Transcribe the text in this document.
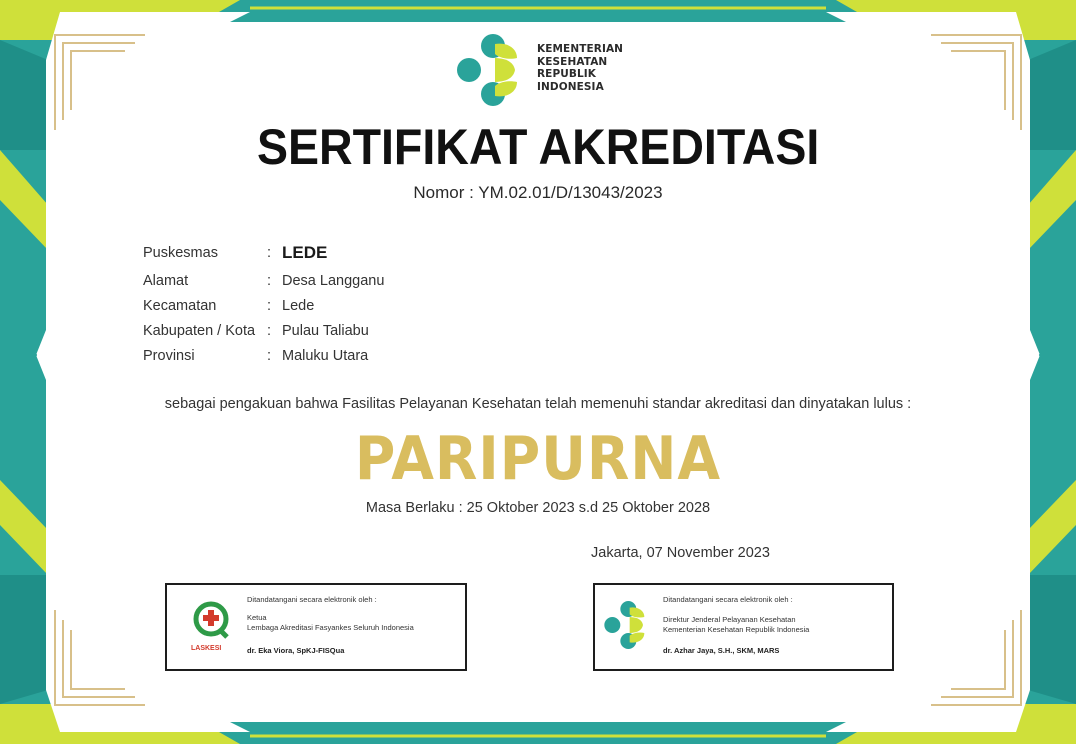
KEMENTERIAN
KESEHATAN
REPUBLIK
INDONESIA
SERTIFIKAT AKREDITASI
Nomor : YM.02.01/D/13043/2023
Puskesmas	: LEDE
Alamat	: Desa Langganu
Kecamatan	: Lede
Kabupaten / Kota : Pulau Taliabu
Provinsi	: Maluku Utara
sebagai pengakuan bahwa Fasilitas Pelayanan Kesehatan telah memenuhi standar akreditasi dan dinyatakan lulus :
PARIPURNA
Masa Berlaku : 25 Oktober 2023 s.d 25 Oktober 2028
Jakarta, 07 November 2023
LASKESI
Ditandatangani secara elektronik oleh :
Ketua
Lembaga Akreditasi Fasyankes Seluruh Indonesia
dr. Eka Viora, SpKJ-FISQua
Ditandatangani secara elektronik oleh :
Direktur Jenderal Pelayanan Kesehatan
Kementerian Kesehatan Republik Indonesia
dr. Azhar Jaya, S.H., SKM, MARS
